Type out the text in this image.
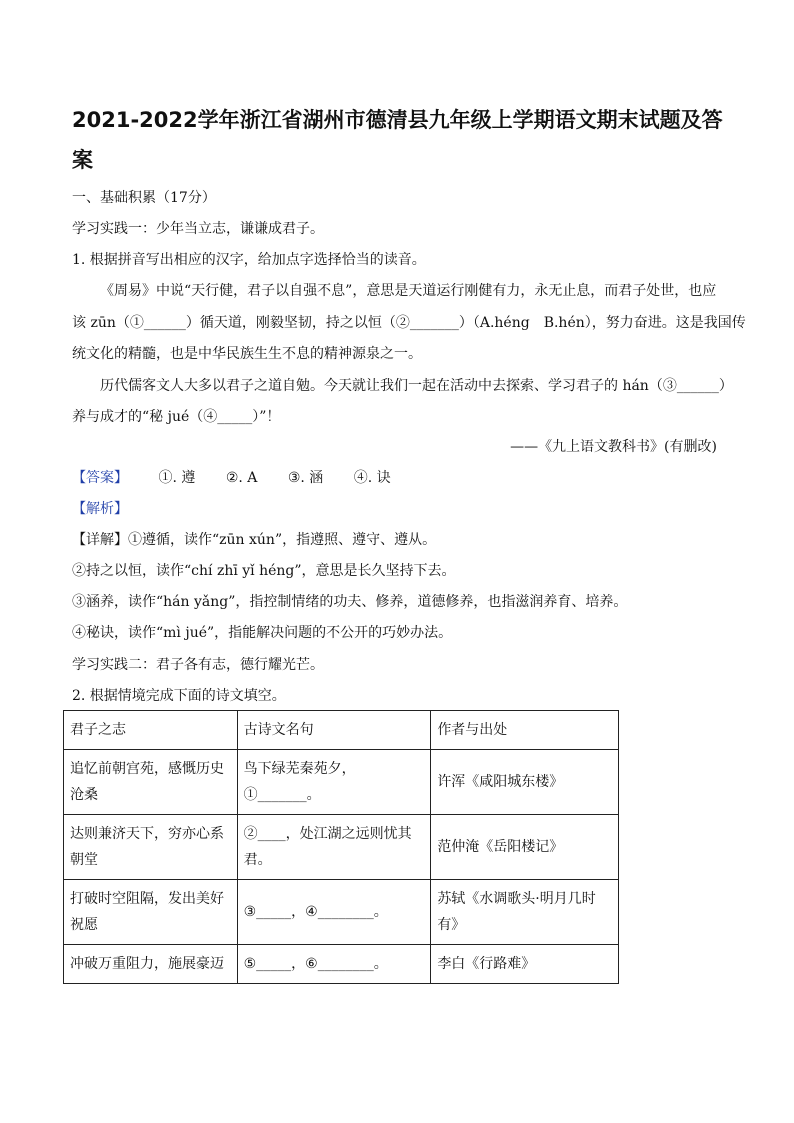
2021-2022学年浙江省湖州市德清县九年级上学期语文期末试题及答案
一、基础积累（17分）
学习实践一：少年当立志，谦谦成君子。
1. 根据拼音写出相应的汉字，给加点字选择恰当的读音。
《周易》中说“天行健，君子以自强不息”，意思是天道运行刚健有力，永无止息，而君子处世，也应
该 zūn（①______）循天道，刚毅坚韧，持之以恒（②_______）（A.héng　B.hén），努力奋进。这是我国传
统文化的精髓，也是中华民族生生不息的精神源泉之一。
历代儒客文人大多以君子之道自勉。今天就让我们一起在活动中去探索、学习君子的 hán（③______）
养与成才的“秘 jué（④_____）”！
——《九上语文教科书》(有删改)
【答案】 ①. 遵 ②. A ③. 涵 ④. 诀
【解析】
【详解】①遵循，读作“zūn xún”，指遵照、遵守、遵从。
②持之以恒，读作“chí zhī yǐ héng”，意思是长久坚持下去。
③涵养，读作“hán yǎng”，指控制情绪的功夫、修养，道德修养，也指滋润养育、培养。
④秘诀，读作“mì jué”，指能解决问题的不公开的巧妙办法。
学习实践二：君子各有志，德行耀光芒。
2. 根据情境完成下面的诗文填空。
君子之志	古诗文名句	作者与出处
追忆前朝宫苑，感慨历史沧桑	鸟下绿芜秦苑夕，①_______。	许浑《咸阳城东楼》
达则兼济天下，穷亦心系朝堂	②____，处江湖之远则忧其君。	范仲淹《岳阳楼记》
打破时空阻隔，发出美好祝愿	③_____，④________。	苏轼《水调歌头·明月几时有》
冲破万重阻力，施展豪迈	⑤_____，⑥________。	李白《行路难》
